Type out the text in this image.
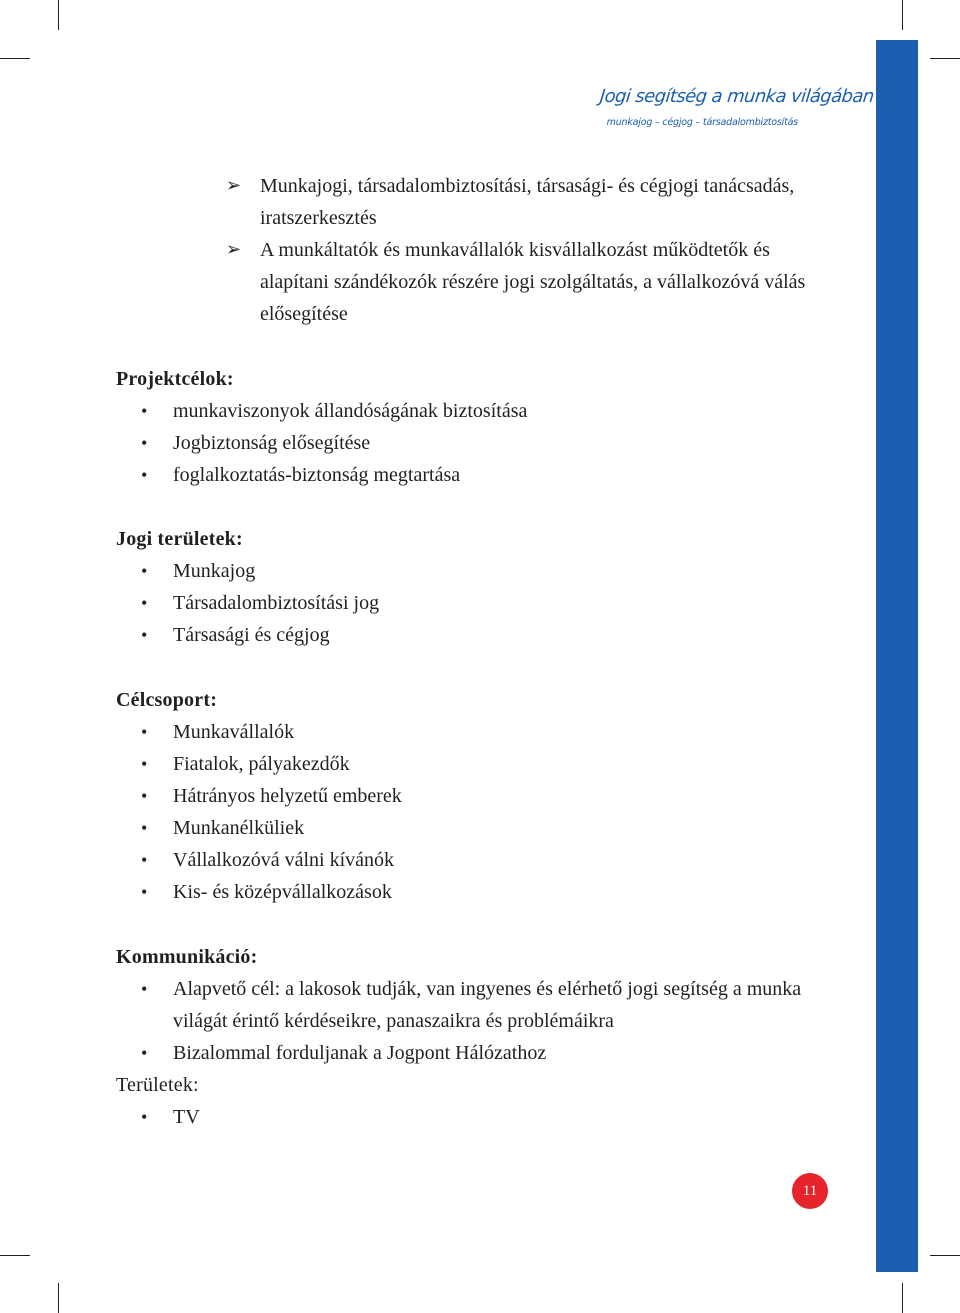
Jogi segítség a munka világában
munkajog – cégjog – társadalombiztosítás
➢ Munkajogi, társadalombiztosítási, társasági- és cégjogi tanácsadás, iratszerkesztés
➢ A munkáltatók és munkavállalók kisvállalkozást működtetők és alapítani szándékozók részére jogi szolgáltatás, a vállalkozóvá válás elősegítése
Projektcélok:
•	munkaviszonyok állandóságának biztosítása
•	Jogbiztonság elősegítése
•	foglalkoztatás-biztonság megtartása
Jogi területek:
•	Munkajog
•	Társadalombiztosítási jog
•	Társasági és cégjog
Célcsoport:
•	Munkavállalók
•	Fiatalok, pályakezdők
•	Hátrányos helyzetű emberek
•	Munkanélküliek
•	Vállalkozóvá válni kívánók
•	Kis- és középvállalkozások
Kommunikáció:
•	Alapvető cél: a lakosok tudják, van ingyenes és elérhető jogi segítség a munka világát érintő kérdéseikre, panaszaikra és problémáikra
•	Bizalommal forduljanak a Jogpont Hálózathoz
Területek:
•	TV
11
